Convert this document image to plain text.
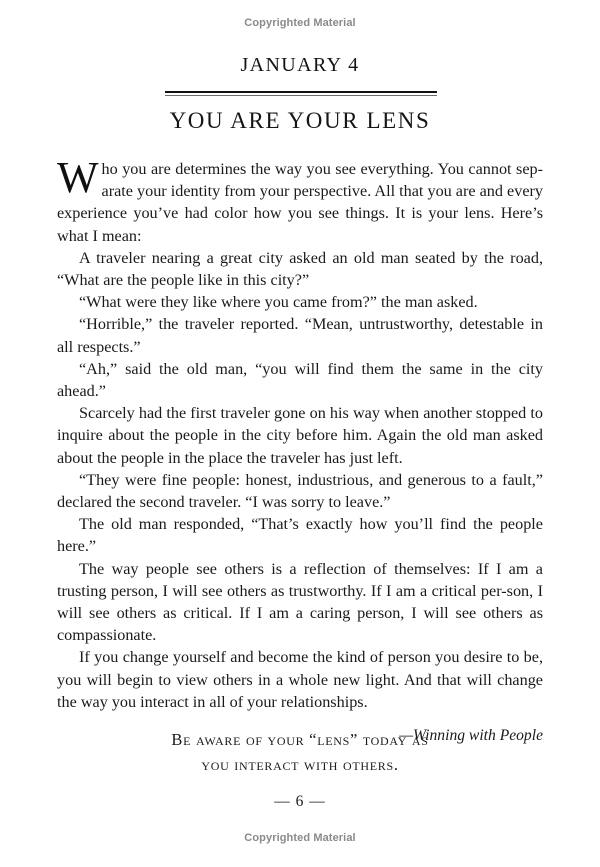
Copyrighted Material
JANUARY 4
YOU ARE YOUR LENS

Who you are determines the way you see everything. You cannot sep-arate your identity from your perspective. All that you are and every experience you’ve had color how you see things. It is your lens. Here’s what I mean:

A traveler nearing a great city asked an old man seated by the road, “What are the people like in this city?”

“What were they like where you came from?” the man asked.

“Horrible,” the traveler reported. “Mean, untrustworthy, detestable in all respects.”

“Ah,” said the old man, “you will find them the same in the city ahead.”

Scarcely had the first traveler gone on his way when another stopped to inquire about the people in the city before him. Again the old man asked about the people in the place the traveler has just left.

“They were fine people: honest, industrious, and generous to a fault,” declared the second traveler. “I was sorry to leave.”

The old man responded, “That’s exactly how you’ll find the people here.”

The way people see others is a reflection of themselves: If I am a trusting person, I will see others as trustworthy. If I am a critical per-son, I will see others as critical. If I am a caring person, I will see others as compassionate.

If you change yourself and become the kind of person you desire to be, you will begin to view others in a whole new light. And that will change the way you interact in all of your relationships.

—Winning with People
Be aware of your “lens” today as
you interact with others.
— 6 —
Copyrighted Material
